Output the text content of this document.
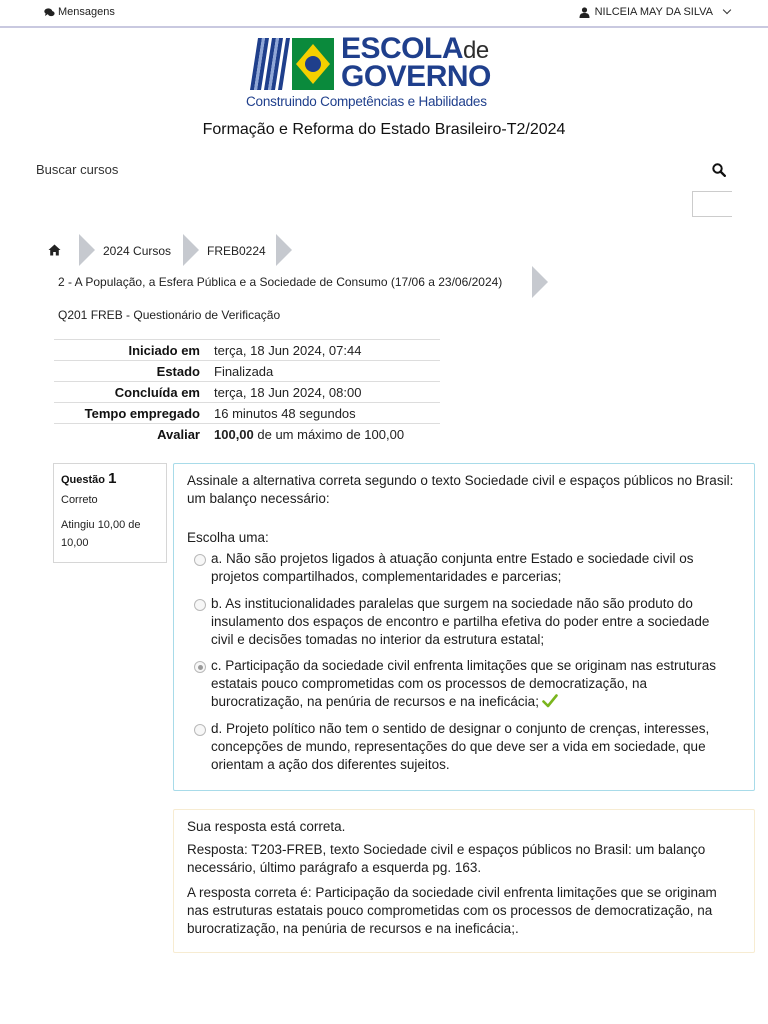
Mensagens	NILCEIA MAY DA SILVA
ESCOLAde
GOVERNO
Construindo Competências e Habilidades
Formação e Reforma do Estado Brasileiro-T2/2024
Buscar cursos
2024 Cursos	FREB0224
2 - A População, a Esfera Pública e a Sociedade de Consumo (17/06 a 23/06/2024)
Q201 FREB - Questionário de Verificação
Iniciado em	terça, 18 Jun 2024, 07:44
Estado	Finalizada
Concluída em	terça, 18 Jun 2024, 08:00
Tempo empregado	16 minutos 48 segundos
Avaliar	100,00 de um máximo de 100,00
Questão 1
Correto
Atingiu 10,00 de 10,00
Assinale a alternativa correta segundo o texto Sociedade civil e espaços públicos no Brasil: um balanço necessário:
Escolha uma:
a. Não são projetos ligados à atuação conjunta entre Estado e sociedade civil os projetos compartilhados, complementaridades e parcerias;
b. As institucionalidades paralelas que surgem na sociedade não são produto do insulamento dos espaços de encontro e partilha efetiva do poder entre a sociedade civil e decisões tomadas no interior da estrutura estatal;
c. Participação da sociedade civil enfrenta limitações que se originam nas estruturas estatais pouco comprometidas com os processos de democratização, na burocratização, na penúria de recursos e na ineficácia;
d. Projeto político não tem o sentido de designar o conjunto de crenças, interesses, concepções de mundo, representações do que deve ser a vida em sociedade, que orientam a ação dos diferentes sujeitos.

Sua resposta está correta.

Resposta: T203-FREB, texto Sociedade civil e espaços públicos no Brasil: um balanço necessário, último parágrafo a esquerda pg. 163.

A resposta correta é: Participação da sociedade civil enfrenta limitações que se originam nas estruturas estatais pouco comprometidas com os processos de democratização, na burocratização, na penúria de recursos e na ineficácia;.
